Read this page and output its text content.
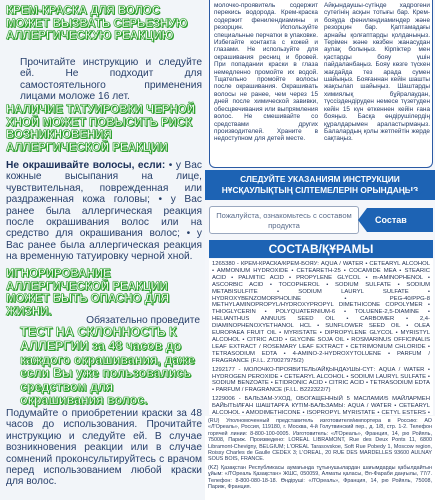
КРЕМ-КРАСКА ДЛЯ ВОЛОС МОЖЕТ ВЫЗВАТЬ СЕРЬЕЗНУЮ АЛЛЕРГИЧЕСКУЮ РЕАКЦИЮ
Прочитайте инструкцию и следуйте ей. Не подходит для самостоятельного применения лицами моложе 16 лет.
НАЛИЧИЕ ТАТУИРОВКИ ЧЕРНОЙ ХНОЙ МОЖЕТ ПОВЫСИТЬ РИСК ВОЗНИКНОВЕНИЯ АЛЛЕРГИЧЕСКОЙ РЕАКЦИИ
Не окрашивайте волосы, если: • у Вас кожные высыпания на лице, чувствительная, поврежденная или раздраженная кожа головы; • у Вас ранее была аллергическая реакция после окрашивания волос или на средство для окрашивания волос; • у Вас ранее была аллергическая реакция на временную татуировку черной хной.
ИГНОРИРОВАНИЕ АЛЛЕРГИЧЕСКОЙ РЕАКЦИИ МОЖЕТ БЫТЬ ОПАСНО ДЛЯ ЖИЗНИ.
Обязательно проведите
ТЕСТ НА СКЛОННОСТЬ К АЛЛЕРГИИ за 48 часов до каждого окрашивания, даже если Вы уже пользовались средством для окрашивания волос.
Подумайте о приобретении краски за 48 часов до использования. Прочитайте инструкцию и следуйте ей. В случае возникновения реакции или в случае сомнений проконсультируйтесь с врачом перед использованием любой краски для волос.
молочко-проявитель содержит перекись водорода. Крем-краска содержит фенилендиамины и резорцин. Используйте специальные перчатки в упаковке. Избегайте контакта с кожей и глазами. Не используйте для окрашивания ресниц и бровей. При попадании краски в глаза немедленно промойте их водой. Тщательно промойте волосы после окрашивания. Окрашивать волосы не ранее, чем через 15 дней после химической завивки, обесцвечивания или выпрямления волос. Не смешивайте со средствами других производителей. Храните в недоступном для детей месте.
Айқындаушы-сүтінде хадрогени сутегінің асқын тотығы бар. Крем-бояуда фенилендиаминдер және резорцин бар. Қаптамадағы арнайы қолғаптарды қолданыңыз. Терімен және көзбен жанасудан аулақ болыңыз. Кірпіктер мен қастарды бояу үшін пайдаланбаңыз. Бояу көзге түскен жағдайда тез арада сумен шайыңыз. Бояғаннан кейін шашты жақсылап шайыңыз. Шаштарды химиялық бұйралаудан, түссіздендіруден немесе түзетуден кейін 15 күн өткеннен кейін ғана бояңыз. Басқа өндірушілердің құралдарымен араластырмаңыз. Балалардың қолы жетпейтін жерде сақтаңыз.
СЛЕДУЙТЕ УКАЗАНИЯМ ИНСТРУКЦИИ
НҰСҚАУЛЫҚТЫҢ СІЛТЕМЕЛЕРІН ОРЫНДАҢЫЗ
Пожалуйста, ознакомьтесь с составом продукта
Состав
СОСТАВ/ҚҰРАМЫ
1265380 - КРЕМ-КРАСКА/КРЕМ-БОЯУ: AQUA / WATER • CETEARYL ALCOHOL • AMMONIUM HYDROXIDE • CETEARETH-25 • COCAMIDE MEA • STEARIC ACID • PALMITIC ACID • PROPYLENE GLYCOL • m-AMINOPHENOL • ASCORBIC ACID • TOCOPHEROL • SODIUM SULFATE • SODIUM METABISULFITE • SODIUM LAURYL SULFATE • HYDROXYBENZOMORPHOLINE • PEG-40/PPG-8 METHYLAMINOPROPYL/HYDROXYPROPYL DIMETHICONE COPOLYMER • THIOGLYCERIN • POLYQUATERNIUM-6 • TOLUENE-2,5-DIAMINE • HELIANTHUS ANNUUS SEED OIL • CARBOMER • 2,4-DIAMINOPHENOXYETHANOL HCL • SUNFLOWER SEED OIL • OLEA EUROPAEA FRUIT OIL • MYRISTATE • DIPROPYLENE GLYCOL • MYRISTYL ALCOHOL • CITRIC ACID • GLYCINE SOJA OIL • ROSMARINUS OFFICINALIS LEAF EXTRACT / ROSEMARY LEAF EXTRACT • CETRIMONIUM CHLORIDE • TETRASODIUM EDTA • 4-AMINO-2-HYDROXYTOLUENE • PARFUM / FRAGRANCE (F.I.L. Z70027975/2)
1292177 - МОЛОЧКО-ПРОЯВИТЕЛЬ/АЙҚЫНДАУШЫ-СҮТ: AQUA / WATER • HYDROGEN PEROXIDE • CETEARYL ALCOHOL • SODIUM LAURYL SULFATE • SODIUM BENZOATE • ETIDRONIC ACID • CITRIC ACID • TETRASODIUM EDTA • PARFUM / FRAGRANCE (F.I.L. B222322/7)
1229006 - БАЛЬЗАМ-УХОД, ОБОГАЩЕННЫЙ 5 МАСЛАМИ/5 МАЙЛАРМЕН БАЙЫТЫЛҒАН ШАШТАРҒА КҮТІМ-БАЛЬЗАМЫ: AQUA / WATER • CETEARYL ALCOHOL • AMODIMETHICONE • ISOPROPYL MYRISTATE • CETYL ESTERS •
(RU) Уполномоченный представитель изготовителя/импортера в Россию: АО «Л'Ореаль», Россия, 119180, г. Москва, 4-й Голутвинский пер., д. 1/8, стр. 1-2. Телефон горячей линии: 8-800-100-0005. Изготовитель: «Л'Ореаль», Франция, 14, рю Ройяль, 75008, Париж. Произведено: LOREAL LIBRAMONT, Rue des Deux Ponts 11, 6800 Libramont-Chevigny, BELGIUM; L'OREAL Tarasovskoe, Soft Rue Pobedy 1, Moscow region, Roissy Charles de Gaulle CEDEX 3; L'OREAL, 20 RUE DES MARDELLES 93600 AULNAY SOUS BOIS, FRANCE.
(KZ) Қазақстан Республикасы аумағында тұтынушылардан шағымдарды қабылдайтын ұйым: «Л'Ореаль Қазақстан» ЖШС, 050059, Алматы қаласы, Әл-Фараби даңғылы, 77/7. Телефон: 8-800-080-18-18. Өндіруші: «Л'Ореаль», Франция, 14, рю Ройяль, 75008, Париж, Франция.
